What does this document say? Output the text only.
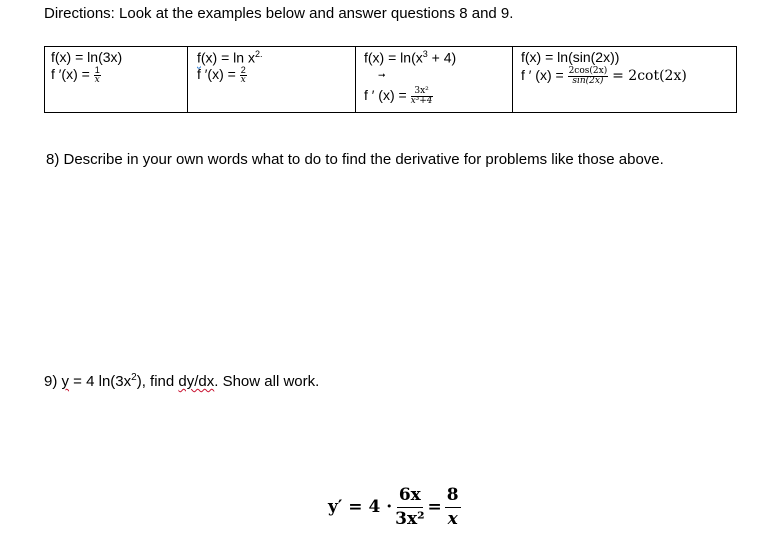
Directions: Look at the examples below and answer questions 8 and 9.
f(x) = ln(3x)
f $'(x) = \frac{1}{x}$

$f(x) = \ln x^{2.}$
f $'(x) = \frac{2}{x}$

$f(x) = \ln(x^3 + 4)$
➞
f ′ $(x) = \frac{\text{3x²}}{\text{x³+4}}$

f(x) = ln(sin(2x))
f ′ $(x) = \frac{2\cos(2x)}{\sin(2x)} = 2\cot(2x)$
8) Describe in your own words what to do to find the derivative for problems like those above.
9) y = 4 $\ln(3x^2)$, find dy/dx. Show all work.
$y' = 4 \cdot \frac{6x}{\text{3x²}} = \frac{8}{x}$
